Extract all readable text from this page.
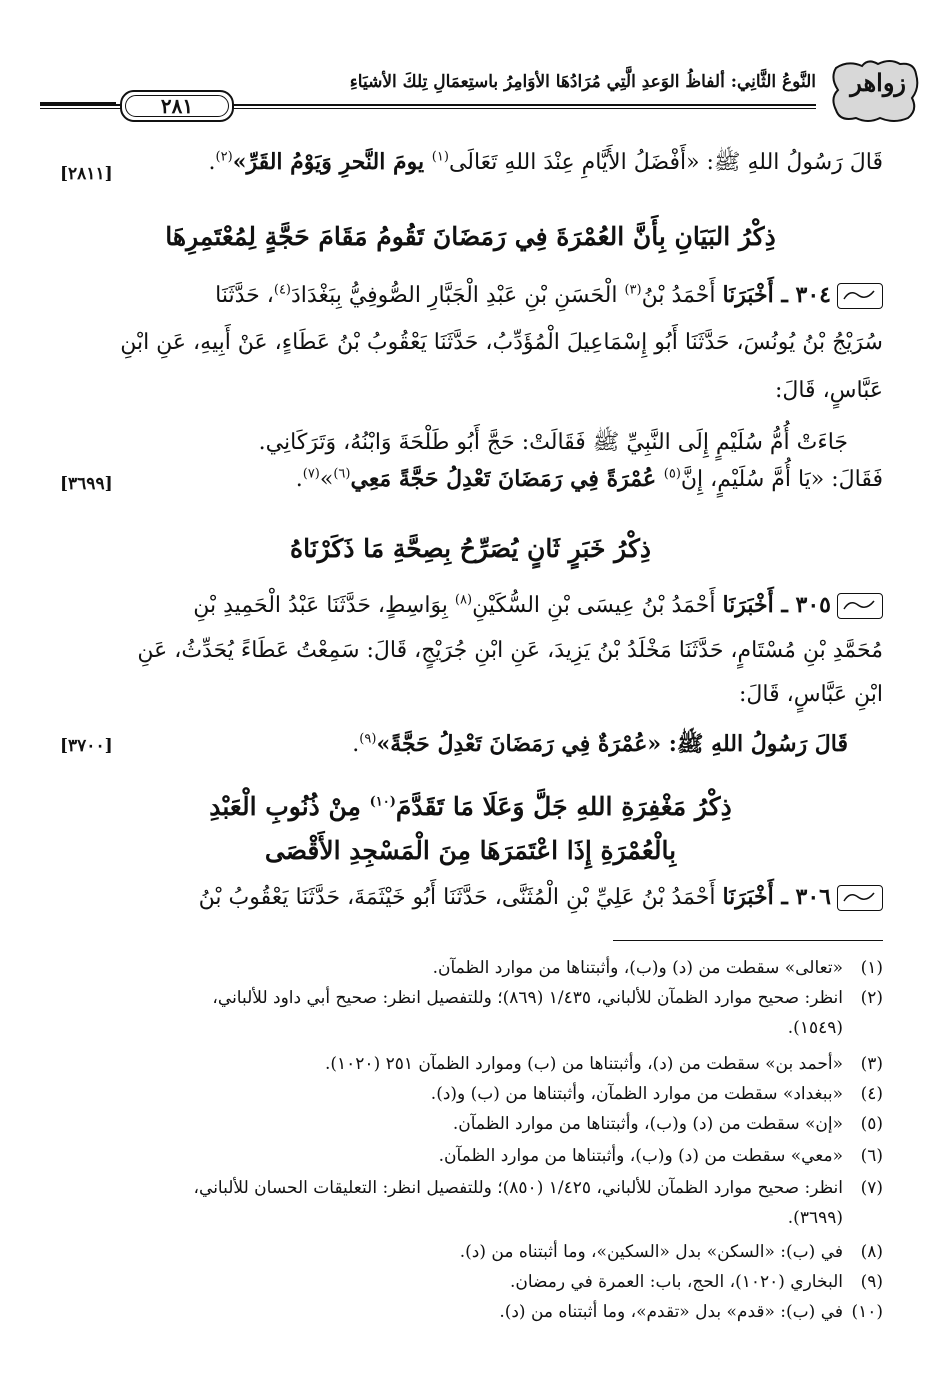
زواهر
النَّوعُ الثَّانِي: ألفاظُ الوَعدِ الَّتِي مُرَادُهَا الأوَامِرُ باستِعمَالِ تِلكَ الأشيَاءِ
٢٨١
قَالَ رَسُولُ اللهِ ﷺ: «أَفْضَلُ الأَيَّامِ عِنْدَ اللهِ تَعَالَى$^{(١)}$ يومَ النَّحرِ وَيَوْمُ القَرِّ»$^{(٢)}$.
[٢٨١١]
ذِكْرُ البَيَانِ بِأَنَّ العُمْرَةَ فِي رَمَضَانَ تَقُومُ مَقَامَ حَجَّةٍ لِمُعْتَمِرِهَا
٣٠٤ ـ أَخْبَرَنَا أَحْمَدُ بْنُ$^{(٣)}$ الْحَسَنِ بْنِ عَبْدِ الْجَبَّارِ الصُّوفِيُّ بِبَغْدَادَ$^{(٤)}$، حَدَّثَنَا
سُرَيْجُ بْنُ يُونُسَ، حَدَّثَنَا أَبُو إِسْمَاعِيلَ الْمُؤَدِّبُ، حَدَّثَنَا يَعْقُوبُ بْنُ عَطَاءٍ، عَنْ أَبِيهِ، عَنِ ابْنِ
عَبَّاسٍ، قَالَ:
جَاءَتْ أُمُّ سُلَيْمٍ إِلَى النَّبِيِّ ﷺ فَقَالَتْ: حَجَّ أَبُو طَلْحَةَ وَابْنُهُ، وَتَرَكَانِي.
فَقَالَ: «يَا أُمَّ سُلَيْمٍ، إِنَّ$^{(٥)}$ عُمْرَةً فِي رَمَضَانَ تَعْدِلُ حَجَّةً مَعِي$^{(٦)}$»$^{(٧)}$.
[٣٦٩٩]
ذِكْرُ خَبَرٍ ثَانٍ يُصَرِّحُ بِصِحَّةِ مَا ذَكَرْنَاهُ
٣٠٥ ـ أَخْبَرَنَا أَحْمَدُ بْنُ عِيسَى بْنِ السُّكَيْنِ$^{(٨)}$ بِوَاسِطٍ، حَدَّثَنَا عَبْدُ الْحَمِيدِ بْنِ
مُحَمَّدِ بْنِ مُسْتَامٍ، حَدَّثَنَا مَخْلَدُ بْنُ يَزِيدَ، عَنِ ابْنِ جُرَيْجٍ، قَالَ: سَمِعْتُ عَطَاءً يُحَدِّثُ، عَنِ
ابْنِ عَبَّاسٍ، قَالَ:
قَالَ رَسُولُ اللهِ ﷺ: «عُمْرَةٌ فِي رَمَضَانَ تَعْدِلُ حَجَّةً»$^{(٩)}$.
[٣٧٠٠]
ذِكْرُ مَغْفِرَةِ اللهِ جَلَّ وَعَلَا مَا تَقَدَّمَ$^{(١٠)}$ مِنْ ذُنُوبِ الْعَبْدِ
بِالْعُمْرَةِ إِذَا اعْتَمَرَهَا مِنَ الْمَسْجِدِ الأَقْصَى
٣٠٦ ـ أَخْبَرَنَا أَحْمَدُ بْنُ عَلِيِّ بْنِ الْمُثَنَّى، حَدَّثَنَا أَبُو خَيْثَمَةَ، حَدَّثَنَا يَعْقُوبُ بْنُ
(١)«تعالى» سقطت من (د) و(ب)، وأثبتناها من موارد الظمآن.
(٢)انظر: صحيح موارد الظمآن للألباني، ١/٤٣٥ (٨٦٩)؛ وللتفصيل انظر: صحيح أبي داود للألباني،
(١٥٤٩).
(٣)«أحمد بن» سقطت من (د)، وأثبتناها من (ب) وموارد الظمآن ٢٥١ (١٠٢٠).
(٤)«ببغداد» سقطت من موارد الظمآن، وأثبتناها من (ب) و(د).
(٥)«إن» سقطت من (د) و(ب)، وأثبتناها من موارد الظمآن.
(٦)«معي» سقطت من (د) و(ب)، وأثبتناها من موارد الظمآن.
(٧)انظر: صحيح موارد الظمآن للألباني، ١/٤٢٥ (٨٥٠)؛ وللتفصيل انظر: التعليقات الحسان للألباني،
(٣٦٩٩).
(٨)في (ب): «السكن» بدل «السكين»، وما أثبتناه من (د).
(٩)البخاري (١٠٢٠)، الحج، باب: العمرة في رمضان.
(١٠)في (ب): «قدم» بدل «تقدم»، وما أثبتناه من (د).
